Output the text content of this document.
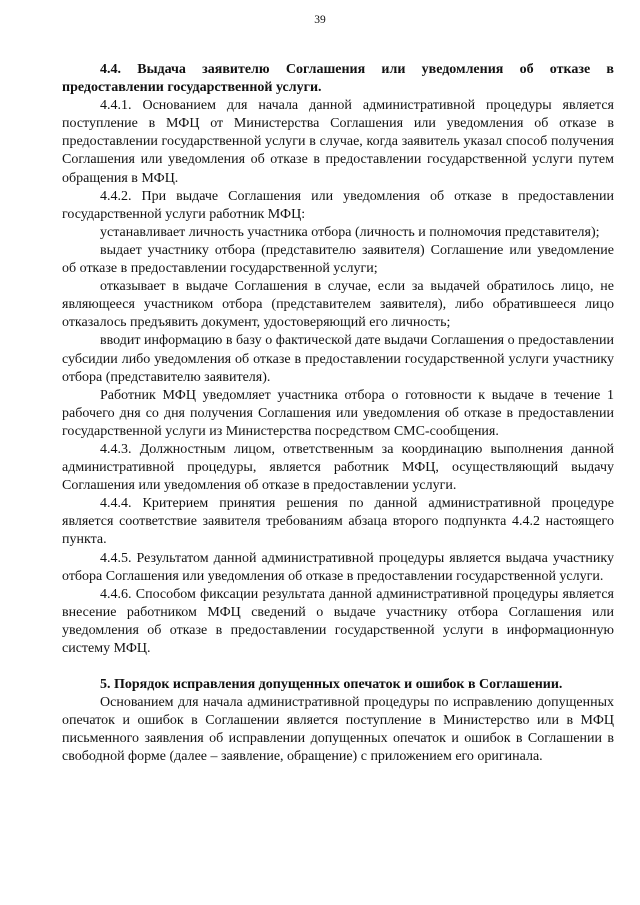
39

4.4. Выдача заявителю Соглашения или уведомления об отказе в предоставлении государственной услуги.

4.4.1. Основанием для начала данной административной процедуры является поступление в МФЦ от Министерства Соглашения или уведомления об отказе в предоставлении государственной услуги в случае, когда заявитель указал способ получения Соглашения или уведомления об отказе в предоставлении государственной услуги путем обращения в МФЦ.

4.4.2. При выдаче Соглашения или уведомления об отказе в предоставлении государственной услуги работник МФЦ:

устанавливает личность участника отбора (личность и полномочия представителя);

выдает участнику отбора (представителю заявителя) Соглашение или уведомление об отказе в предоставлении государственной услуги;

отказывает в выдаче Соглашения в случае, если за выдачей обратилось лицо, не являющееся участником отбора (представителем заявителя), либо обратившееся лицо отказалось предъявить документ, удостоверяющий его личность;

вводит информацию в базу о фактической дате выдачи Соглашения о предоставлении субсидии либо уведомления об отказе в предоставлении государственной услуги участнику отбора (представителю заявителя).

Работник МФЦ уведомляет участника отбора о готовности к выдаче в течение 1 рабочего дня со дня получения Соглашения или уведомления об отказе в предоставлении государственной услуги из Министерства посредством СМС-сообщения.

4.4.3. Должностным лицом, ответственным за координацию выполнения данной административной процедуры, является работник МФЦ, осуществляющий выдачу Соглашения или уведомления об отказе в предоставлении услуги.

4.4.4. Критерием принятия решения по данной административной процедуре является соответствие заявителя требованиям абзаца второго подпункта 4.4.2 настоящего пункта.

4.4.5. Результатом данной административной процедуры является выдача участнику отбора Соглашения или уведомления об отказе в предоставлении государственной услуги.

4.4.6. Способом фиксации результата данной административной процедуры является внесение работником МФЦ сведений о выдаче участнику отбора Соглашения или уведомления об отказе в предоставлении государственной услуги в информационную систему МФЦ.

5. Порядок исправления допущенных опечаток и ошибок в Соглашении.

Основанием для начала административной процедуры по исправлению допущенных опечаток и ошибок в Соглашении является поступление в Министерство или в МФЦ письменного заявления об исправлении допущенных опечаток и ошибок в Соглашении в свободной форме (далее – заявление, обращение) с приложением его оригинала.
